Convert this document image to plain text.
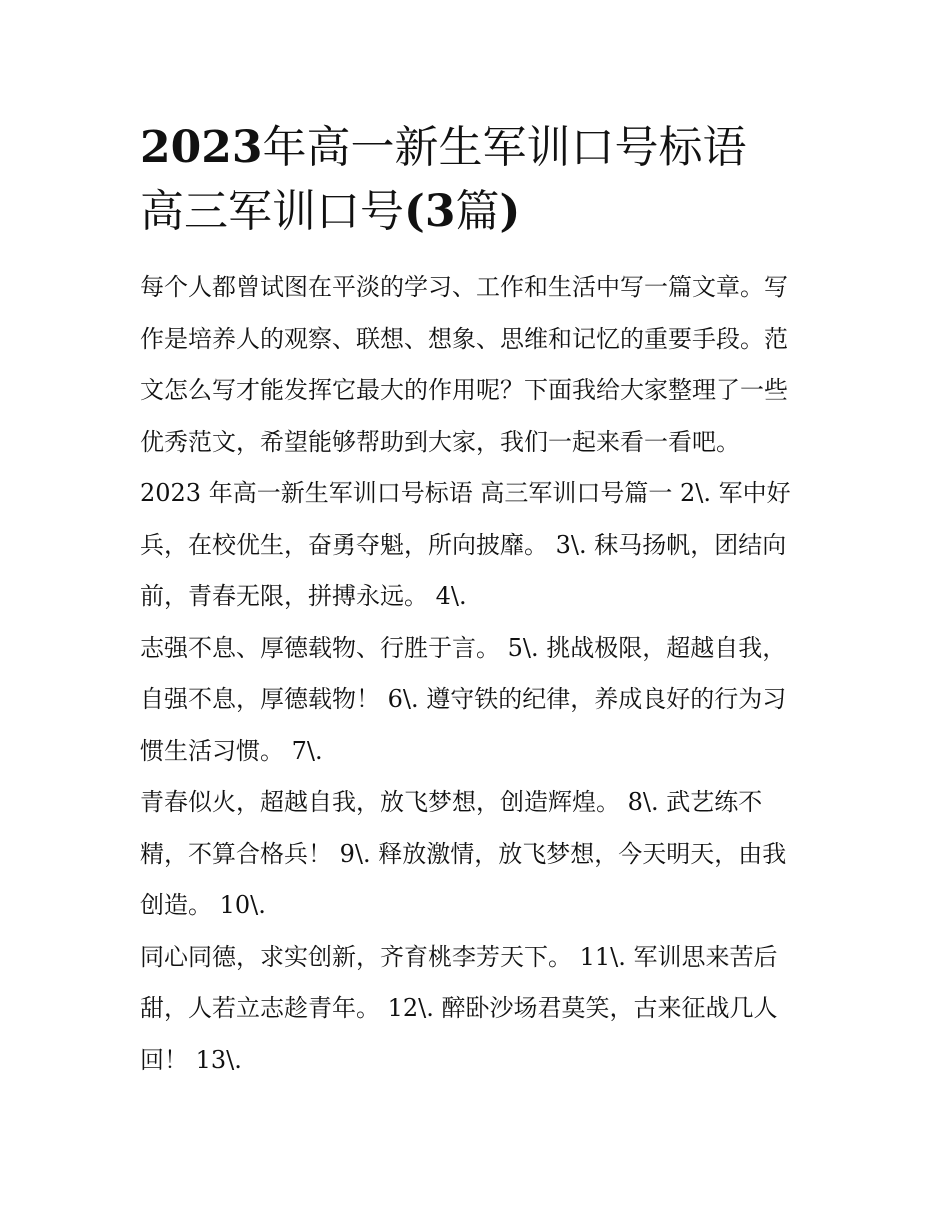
2023年高一新生军训口号标语
高三军训口号(3篇)

每个人都曾试图在平淡的学习、工作和生活中写一篇文章。写
作是培养人的观察、联想、想象、思维和记忆的重要手段。范
文怎么写才能发挥它最大的作用呢？下面我给大家整理了一些
优秀范文，希望能够帮助到大家，我们一起来看一看吧。

2023 年高一新生军训口号标语 高三军训口号篇一 2\. 军中好
兵，在校优生，奋勇夺魁，所向披靡。 3\. 秣马扬帆，团结向
前，青春无限，拼搏永远。 4\.

志强不息、厚德载物、行胜于言。 5\. 挑战极限，超越自我，
自强不息，厚德载物！ 6\. 遵守铁的纪律，养成良好的行为习
惯生活习惯。 7\.

青春似火，超越自我，放飞梦想，创造辉煌。 8\. 武艺练不
精，不算合格兵！ 9\. 释放激情，放飞梦想，今天明天，由我
创造。 10\.

同心同德，求实创新，齐育桃李芳天下。 11\. 军训思来苦后
甜，人若立志趁青年。 12\. 醉卧沙场君莫笑，古来征战几人
回！ 13\.
